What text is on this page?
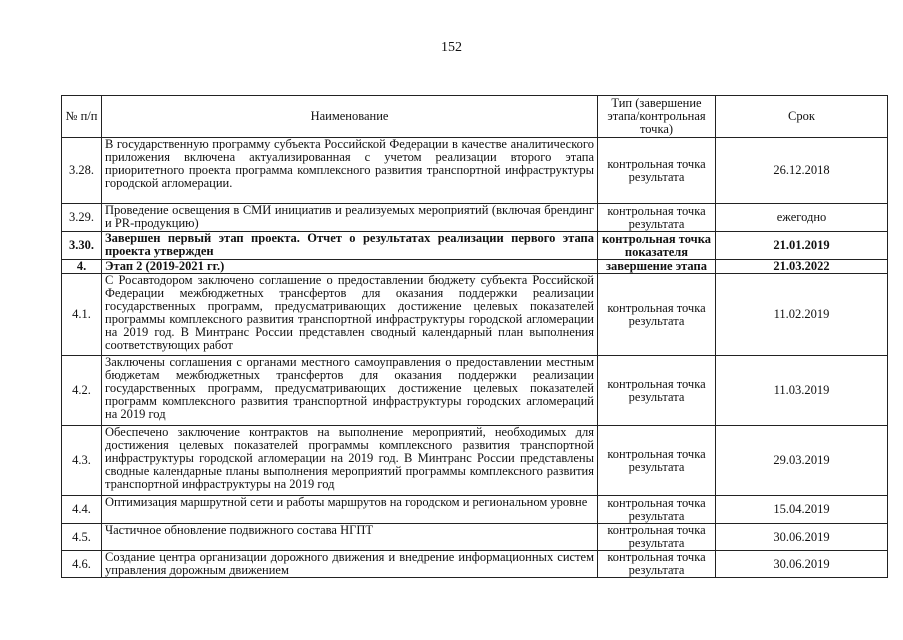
152
№ п/п	Наименование	Тип (завершение этапа/контрольная точка)	Срок
3.28.	В государственную программу субъекта Российской Федерации в качестве аналитического приложения включена актуализированная с учетом реализации второго этапа приоритетного проекта программа комплексного развития транспортной инфраструктуры городской агломерации.	контрольная точка результата	26.12.2018
3.29.	Проведение освещения в СМИ инициатив и реализуемых мероприятий (включая брендинг и PR-продукцию)	контрольная точка результата	ежегодно
3.30.	Завершен первый этап проекта. Отчет о результатах реализации первого этапа проекта утвержден	контрольная точка показателя	21.01.2019
4.	Этап 2 (2019-2021 гг.)	завершение этапа	21.03.2022
4.1.	С Росавтодором заключено соглашение о предоставлении бюджету субъекта Российской Федерации межбюджетных трансфертов для оказания поддержки реализации государственных программ, предусматривающих достижение целевых показателей программы комплексного развития транспортной инфраструктуры городской агломерации на 2019 год. В Минтранс России представлен сводный календарный план выполнения соответствующих работ	контрольная точка результата	11.02.2019
4.2.	Заключены соглашения с органами местного самоуправления о предоставлении местным бюджетам межбюджетных трансфертов для оказания поддержки реализации государственных программ, предусматривающих достижение целевых показателей программ комплексного развития транспортной инфраструктуры городских агломераций на 2019 год	контрольная точка результата	11.03.2019
4.3.	Обеспечено заключение контрактов на выполнение мероприятий, необходимых для достижения целевых показателей программы комплексного развития транспортной инфраструктуры городской агломерации на 2019 год. В Минтранс России представлены сводные календарные планы выполнения мероприятий программы комплексного развития транспортной инфраструктуры на 2019 год	контрольная точка результата	29.03.2019
4.4.	Оптимизация маршрутной сети и работы маршрутов на городском и региональном уровне	контрольная точка результата	15.04.2019
4.5.	Частичное обновление подвижного состава НГПТ	контрольная точка результата	30.06.2019
4.6.	Создание центра организации дорожного движения и внедрение информационных систем управления дорожным движением	контрольная точка результата	30.06.2019
